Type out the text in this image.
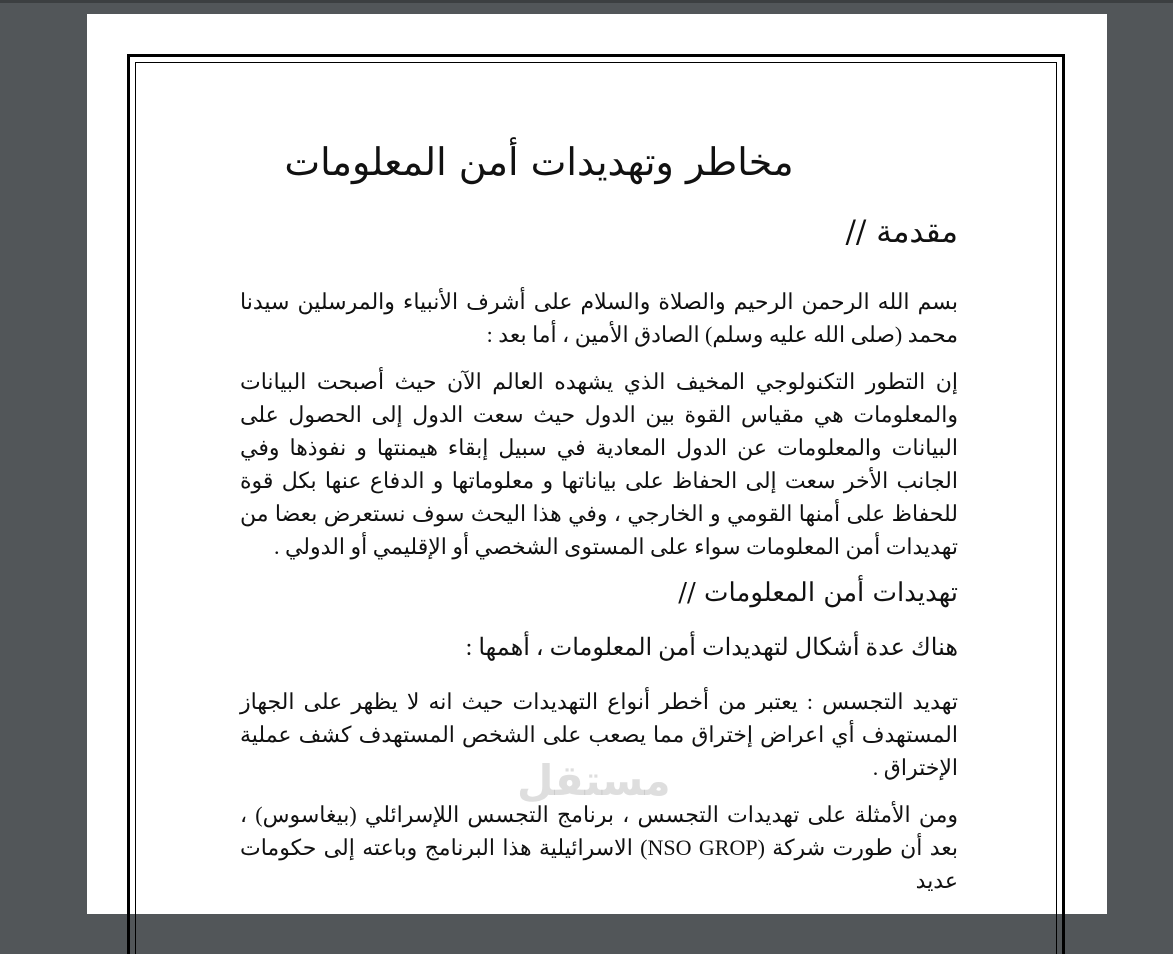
مخاطر وتهديدات أمن المعلومات
مقدمة //

بسم الله الرحمن الرحيم والصلاة والسلام على أشرف الأنبياء والمرسلين سيدنا محمد (صلى الله عليه وسلم) الصادق الأمين ، أما بعد :

إن التطور التكنولوجي المخيف الذي يشهده العالم الآن حيث أصبحت البيانات والمعلومات هي مقياس القوة بين الدول حيث سعت الدول إلى الحصول على البيانات والمعلومات عن الدول المعادية في سبيل إبقاء هيمنتها و نفوذها وفي الجانب الأخر سعت إلى الحفاظ على بياناتها و معلوماتها و الدفاع عنها بكل قوة للحفاظ على أمنها القومي و الخارجي ، وفي هذا اليحث سوف نستعرض بعضا من تهديدات أمن المعلومات سواء على المستوى الشخصي أو الإقليمي أو الدولي .

تهديدات أمن المعلومات //

هناك عدة أشكال لتهديدات أمن المعلومات ، أهمها :

تهديد التجسس : يعتبر من أخطر أنواع التهديدات حيث انه لا يظهر على الجهاز المستهدف أي اعراض إختراق مما يصعب على الشخص المستهدف كشف عملية الإختراق .

ومن الأمثلة على تهديدات التجسس ، برنامج التجسس اللإسرائلي (بيغاسوس) ، بعد أن طورت شركة (NSO GROP) الاسرائيلية هذا البرنامج وباعته إلى حكومات عديد

مستقل
